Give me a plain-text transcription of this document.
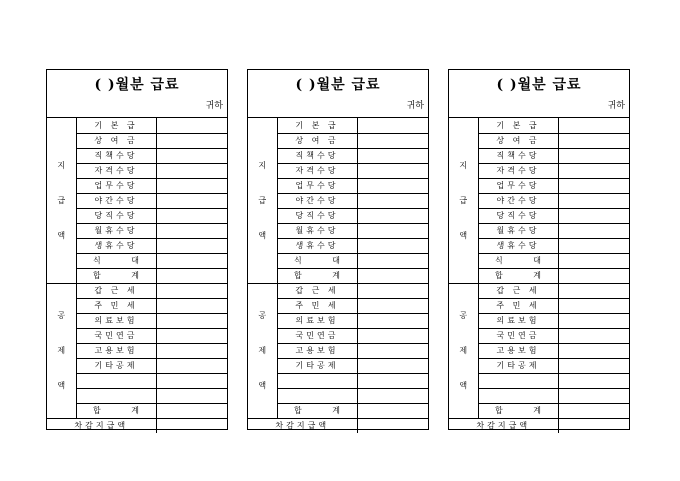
( )월분 급료
귀하
지
급
액	기 본 급	
	상 여 금	
	직책수당	
	자격수당	
	업무수당	
	야간수당	
	당직수당	
	월휴수당	
	생휴수당	
	식 대	
	합 계	

공
제
액	갑 근 세	
	주 민 세	
	의료보험	
	국민연금	
	고용보험	
	기타공제	

	합 계	
차감지급액		
( )월분 급료
귀하
지
급
액	기 본 급	
	상 여 금	
	직책수당	
	자격수당	
	업무수당	
	야간수당	
	당직수당	
	월휴수당	
	생휴수당	
	식 대	
	합 계	

공
제
액	갑 근 세	
	주 민 세	
	의료보험	
	국민연금	
	고용보험	
	기타공제	

	합 계	
차감지급액		
( )월분 급료
귀하
지
급
액	기 본 급	
	상 여 금	
	직책수당	
	자격수당	
	업무수당	
	야간수당	
	당직수당	
	월휴수당	
	생휴수당	
	식 대	
	합 계	

공
제
액	갑 근 세	
	주 민 세	
	의료보험	
	국민연금	
	고용보험	
	기타공제	

	합 계	
차감지급액		
